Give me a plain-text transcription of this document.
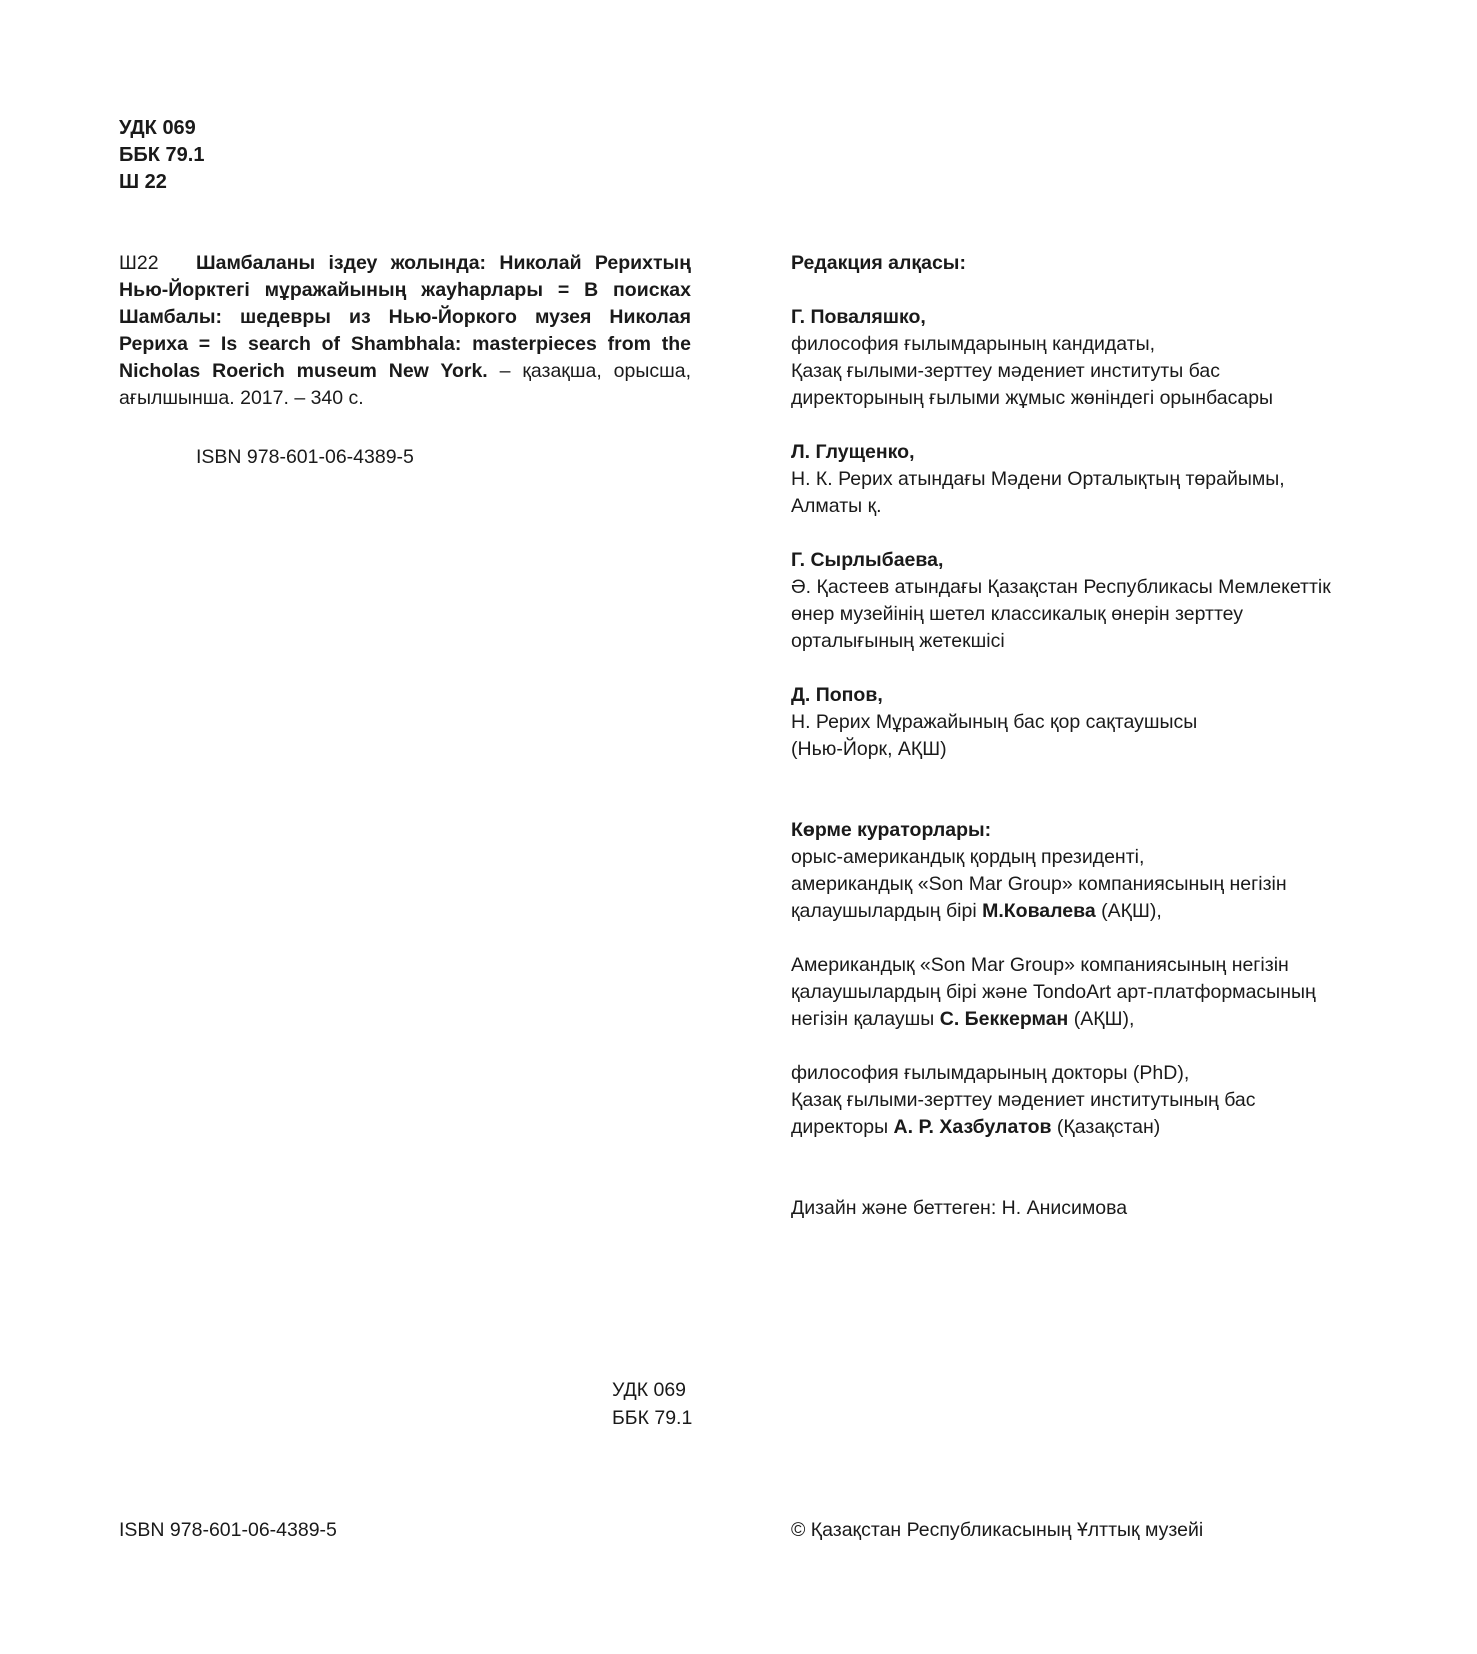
УДК 069
ББК 79.1
Ш 22
Ш22 Шамбаланы іздеу жолында: Николай Рерихтың Нью-Йорктегі мұражайының жауһарлары = В поисках Шамбалы: шедевры из Нью-Йоркого музея Николая Рериха = Is search of Shambhala: masterpieces from the Nicholas Roerich museum New York. – қазақша, орысша, ағылшынша. 2017. – 340 с.
ISBN 978-601-06-4389-5

Редакция алқасы:

Г. Поваляшко,

философия ғылымдарының кандидаты,

Қазақ ғылыми-зерттеу мәдениет институты бас

директорының ғылыми жұмыс жөніндегі орынбасары

Л. Глущенко,

Н. К. Рерих атындағы Мәдени Орталықтың төрайымы,

Алматы қ.

Г. Сырлыбаева,

Ә. Қастеев атындағы Қазақстан Республикасы Мемлекеттік

өнер музейінің шетел классикалық өнерін зерттеу

орталығының жетекшісі

Д. Попов,

Н. Рерих Мұражайының бас қор сақтаушысы

(Нью-Йорк, АҚШ)

Көрме кураторлары:

орыс-американдық қордың президенті,

американдық «Son Mar Group» компаниясының негізін

қалаушылардың бірі М.Ковалева (АҚШ),

Американдық «Son Mar Group» компаниясының негізін

қалаушылардың бірі және TondoArt арт-платформасының

негізін қалаушы С. Беккерман (АҚШ),

философия ғылымдарының докторы (PhD),

Қазақ ғылыми-зерттеу мәдениет институтының бас

директоры А. Р. Хазбулатов (Қазақстан)

Дизайн және беттеген: Н. Анисимова

УДК 069
ББК 79.1
ISBN 978-601-06-4389-5	© Қазақстан Республикасының Ұлттық музейі
